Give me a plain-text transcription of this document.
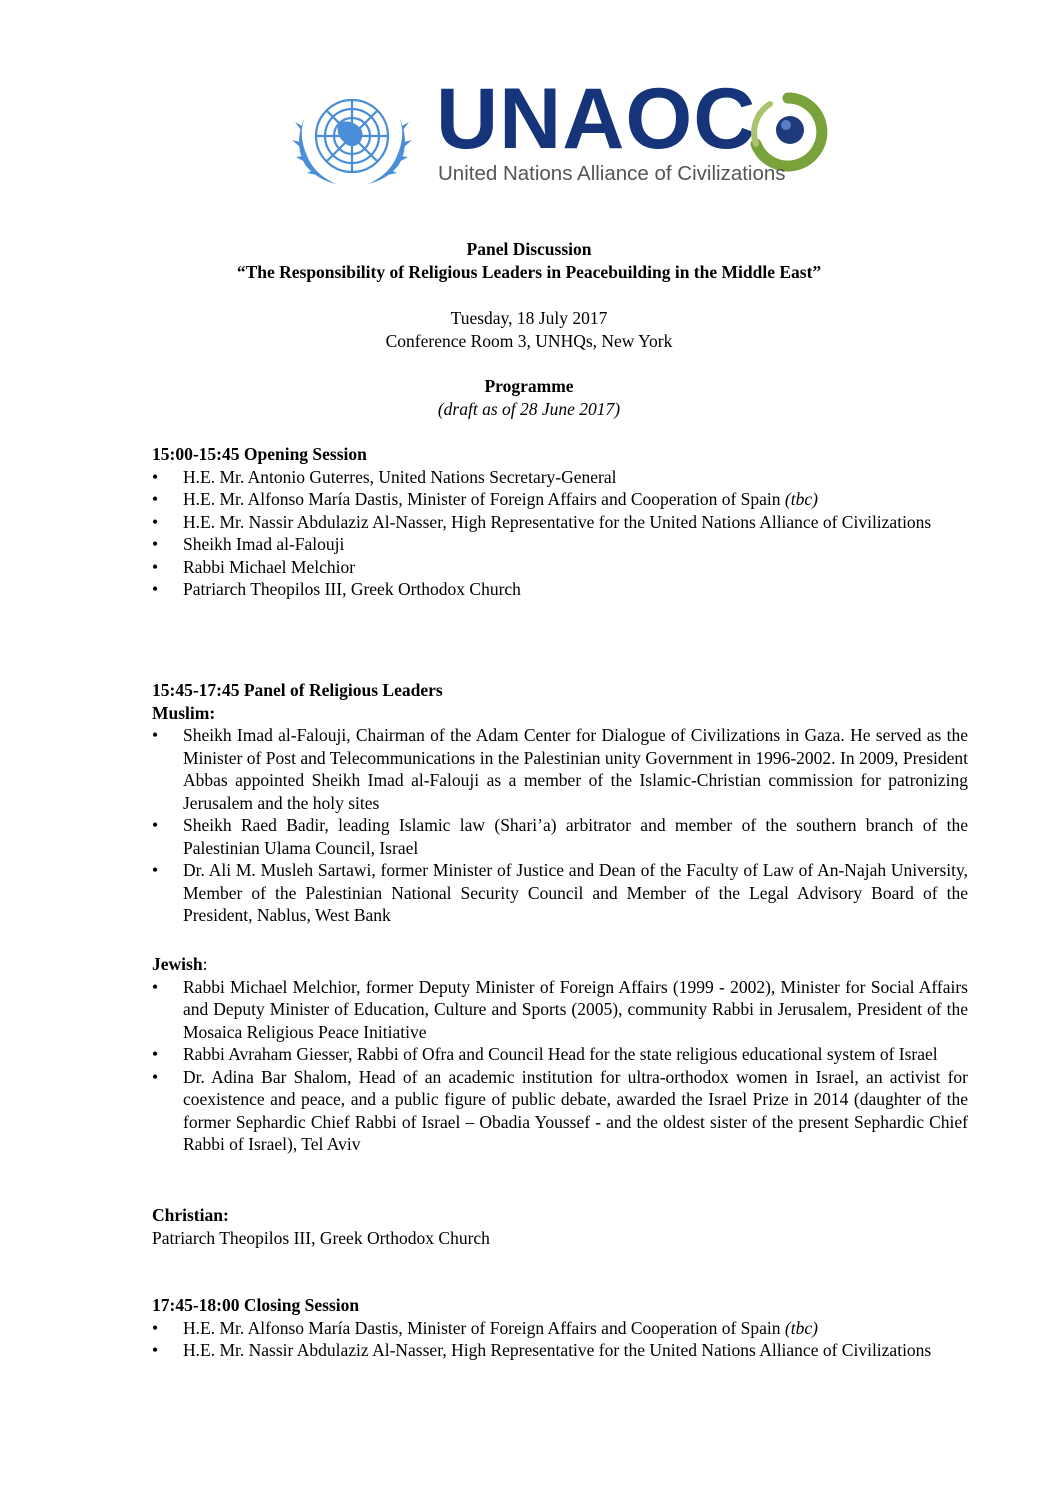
UNAOC
United Nations Alliance of Civilizations
Panel Discussion
“The Responsibility of Religious Leaders in Peacebuilding in the Middle East”
Tuesday, 18 July 2017
Conference Room 3, UNHQs, New York
Programme
(draft as of 28 June 2017)

15:00-15:45 Opening Session

• H.E. Mr. Antonio Guterres, United Nations Secretary-General
• H.E. Mr. Alfonso María Dastis, Minister of Foreign Affairs and Cooperation of Spain (tbc)
• H.E. Mr. Nassir Abdulaziz Al-Nasser, High Representative for the United Nations Alliance of Civilizations
• Sheikh Imad al-Falouji
• Rabbi Michael Melchior
• Patriarch Theopilos III, Greek Orthodox Church

15:45-17:45 Panel of Religious Leaders

Muslim:

• Sheikh Imad al-Falouji, Chairman of the Adam Center for Dialogue of Civilizations in Gaza. He served as the Minister of Post and Telecommunications in the Palestinian unity Government in 1996-2002. In 2009, President Abbas appointed Sheikh Imad al-Falouji as a member of the Islamic-Christian commission for patronizing Jerusalem and the holy sites
• Sheikh Raed Badir, leading Islamic law (Shari’a) arbitrator and member of the southern branch of the Palestinian Ulama Council, Israel
• Dr. Ali M. Musleh Sartawi, former Minister of Justice and Dean of the Faculty of Law of An-Najah University, Member of the Palestinian National Security Council and Member of the Legal Advisory Board of the President, Nablus, West Bank

Jewish:

• Rabbi Michael Melchior, former Deputy Minister of Foreign Affairs (1999 - 2002), Minister for Social Affairs and Deputy Minister of Education, Culture and Sports (2005), community Rabbi in Jerusalem, President of the Mosaica Religious Peace Initiative
• Rabbi Avraham Giesser, Rabbi of Ofra and Council Head for the state religious educational system of Israel
• Dr. Adina Bar Shalom, Head of an academic institution for ultra-orthodox women in Israel, an activist for coexistence and peace, and a public figure of public debate, awarded the Israel Prize in 2014 (daughter of the former Sephardic Chief Rabbi of Israel – Obadia Youssef - and the oldest sister of the present Sephardic Chief Rabbi of Israel), Tel Aviv

Christian:

Patriarch Theopilos III, Greek Orthodox Church

17:45-18:00 Closing Session

• H.E. Mr. Alfonso María Dastis, Minister of Foreign Affairs and Cooperation of Spain (tbc)
• H.E. Mr. Nassir Abdulaziz Al-Nasser, High Representative for the United Nations Alliance of Civilizations
